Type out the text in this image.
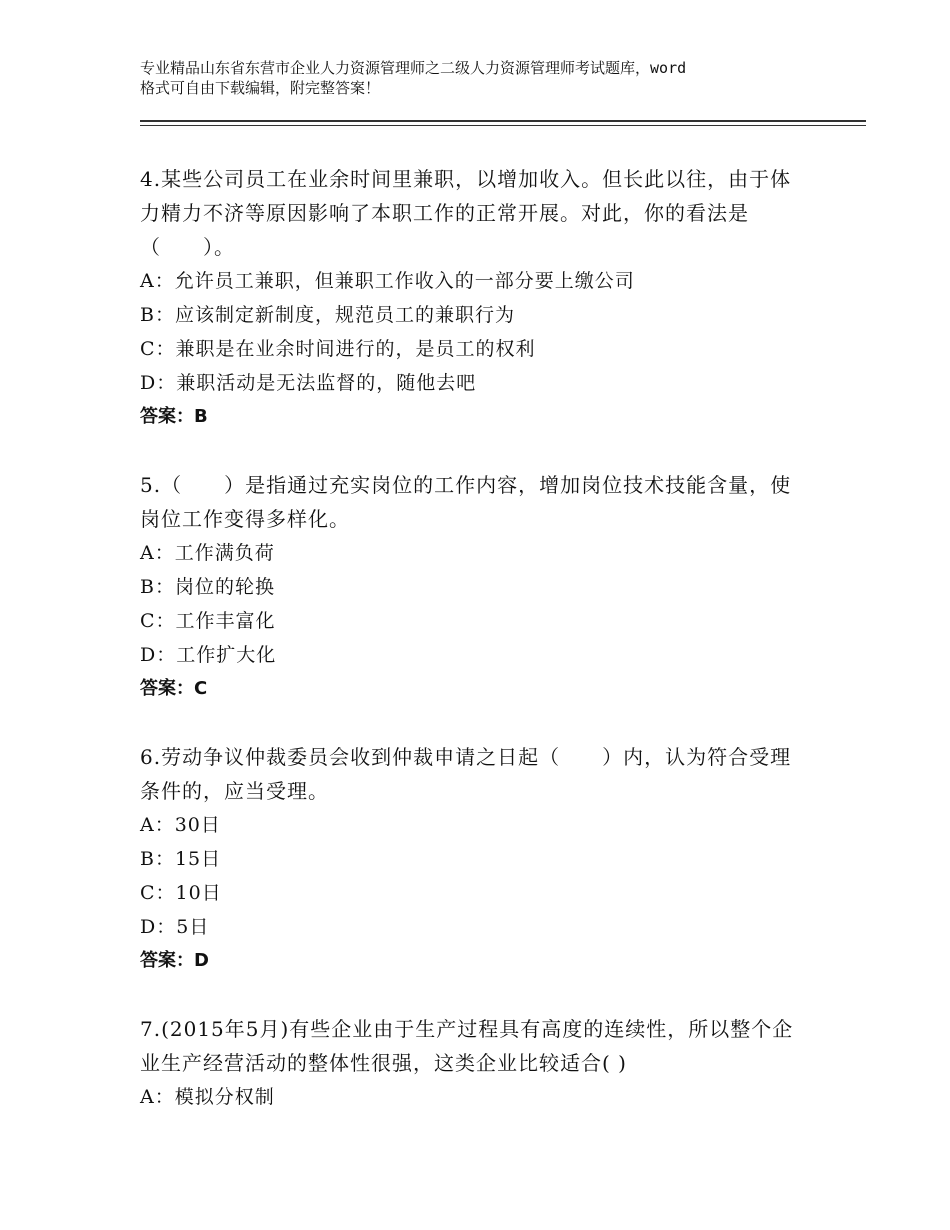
专业精品山东省东营市企业人力资源管理师之二级人力资源管理师考试题库，word
格式可自由下载编辑，附完整答案！

4.某些公司员工在业余时间里兼职，以增加收入。但长此以往，由于体力精力不济等原因影响了本职工作的正常开展。对此，你的看法是（　　）。

A：允许员工兼职，但兼职工作收入的一部分要上缴公司

B：应该制定新制度，规范员工的兼职行为

C：兼职是在业余时间进行的，是员工的权利

D：兼职活动是无法监督的，随他去吧

答案：B

5.（　　）是指通过充实岗位的工作内容，增加岗位技术技能含量，使岗位工作变得多样化。

A：工作满负荷

B：岗位的轮换

C：工作丰富化

D：工作扩大化

答案：C

6.劳动争议仲裁委员会收到仲裁申请之日起（　　）内，认为符合受理条件的，应当受理。

A：30日

B：15日

C：10日

D：5日

答案：D

7.(2015年5月)有些企业由于生产过程具有高度的连续性，所以整个企业生产经营活动的整体性很强，这类企业比较适合( )

A：模拟分权制
